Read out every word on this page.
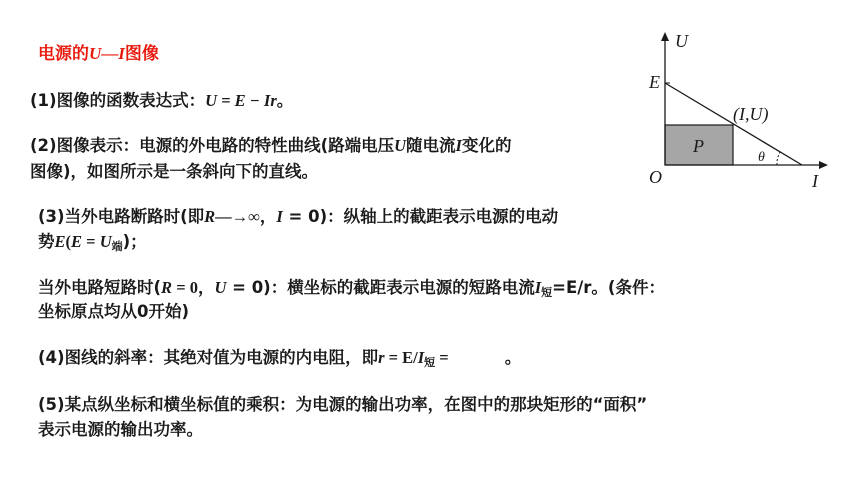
电源的U—I图像
(1)图像的函数表达式：U = E − Ir。
(2)图像表示：电源的外电路的特性曲线(路端电压U随电流I变化的
图像)，如图所示是一条斜向下的直线。
(3)当外电路断路时(即R—→∞，I = 0)：纵轴上的截距表示电源的电动
势$E(E = U_端)$；
当外电路短路时(R = 0，U = 0)：横坐标的截距表示电源的短路电流$I_短=E/r$。(条件：
坐标原点均从0开始)
(4)图线的斜率：其绝对值为电源的内电阻，即$r = E/I_短$ =	。
(5)某点纵坐标和横坐标值的乘积：为电源的输出功率，在图中的那块矩形的“面积”
表示电源的输出功率。
U
I
E
O
(I,U)
P
θ
